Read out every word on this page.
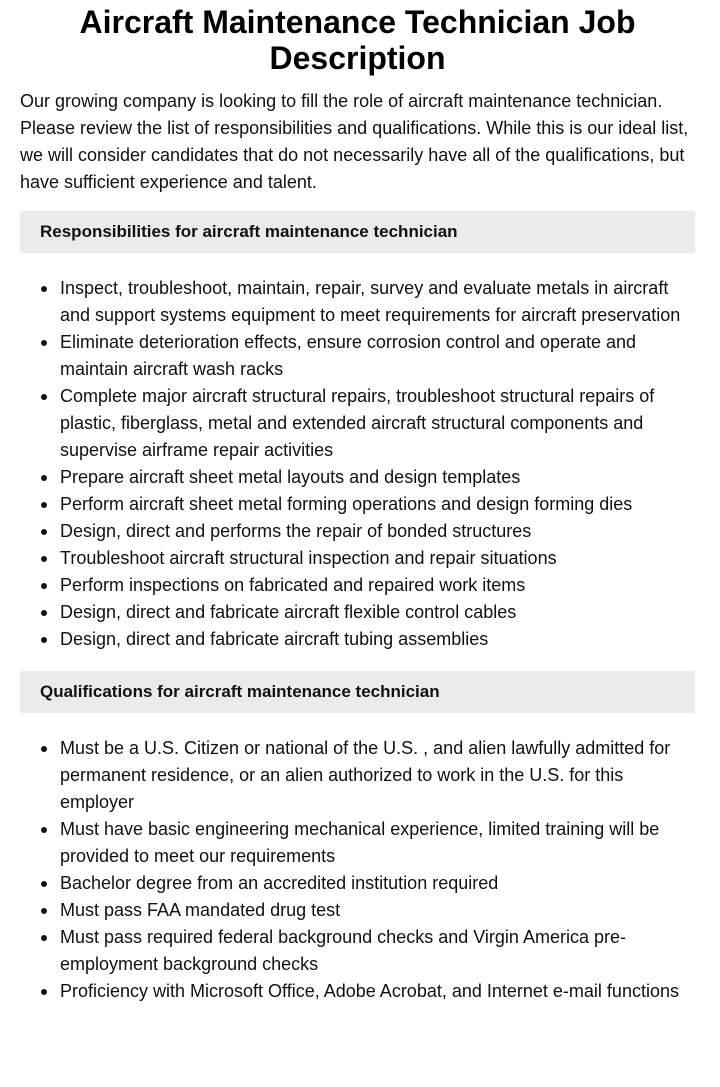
Aircraft Maintenance Technician Job Description

Our growing company is looking to fill the role of aircraft maintenance technician. Please review the list of responsibilities and qualifications. While this is our ideal list, we will consider candidates that do not necessarily have all of the qualifications, but have sufficient experience and talent.

Responsibilities for aircraft maintenance technician
Inspect, troubleshoot, maintain, repair, survey and evaluate metals in aircraft and support systems equipment to meet requirements for aircraft preservation
Eliminate deterioration effects, ensure corrosion control and operate and maintain aircraft wash racks
Complete major aircraft structural repairs, troubleshoot structural repairs of plastic, fiberglass, metal and extended aircraft structural components and supervise airframe repair activities
Prepare aircraft sheet metal layouts and design templates
Perform aircraft sheet metal forming operations and design forming dies
Design, direct and performs the repair of bonded structures
Troubleshoot aircraft structural inspection and repair situations
Perform inspections on fabricated and repaired work items
Design, direct and fabricate aircraft flexible control cables
Design, direct and fabricate aircraft tubing assemblies
Qualifications for aircraft maintenance technician
Must be a U.S. Citizen or national of the U.S. , and alien lawfully admitted for permanent residence, or an alien authorized to work in the U.S. for this employer
Must have basic engineering mechanical experience, limited training will be provided to meet our requirements
Bachelor degree from an accredited institution required
Must pass FAA mandated drug test
Must pass required federal background checks and Virgin America pre-employment background checks
Proficiency with Microsoft Office, Adobe Acrobat, and Internet e-mail functions
